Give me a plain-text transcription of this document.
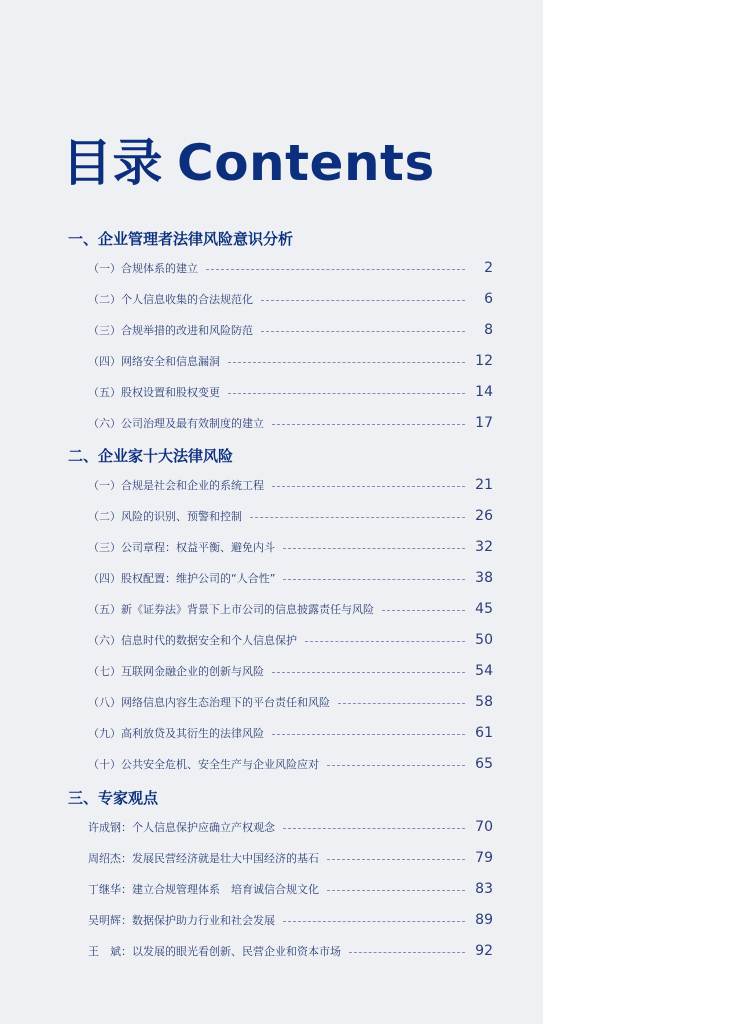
目录 Contents
一、企业管理者法律风险意识分析
（一）合规体系的建立	2
（二）个人信息收集的合法规范化	6
（三）合规举措的改进和风险防范	8
（四）网络安全和信息漏洞	12
（五）股权设置和股权变更	14
（六）公司治理及最有效制度的建立	17
二、企业家十大法律风险
（一）合规是社会和企业的系统工程	21
（二）风险的识别、预警和控制	26
（三）公司章程：权益平衡、避免内斗	32
（四）股权配置：维护公司的“人合性”	38
（五）新《证券法》背景下上市公司的信息披露责任与风险	45
（六）信息时代的数据安全和个人信息保护	50
（七）互联网金融企业的创新与风险	54
（八）网络信息内容生态治理下的平台责任和风险	58
（九）高利放贷及其衍生的法律风险	61
（十）公共安全危机、安全生产与企业风险应对	65
三、专家观点
许成钢：个人信息保护应确立产权观念	70
周绍杰：发展民营经济就是壮大中国经济的基石	79
丁继华：建立合规管理体系　培育诚信合规文化	83
吴明辉：数据保护助力行业和社会发展	89
王　斌：以发展的眼光看创新、民营企业和资本市场	92
